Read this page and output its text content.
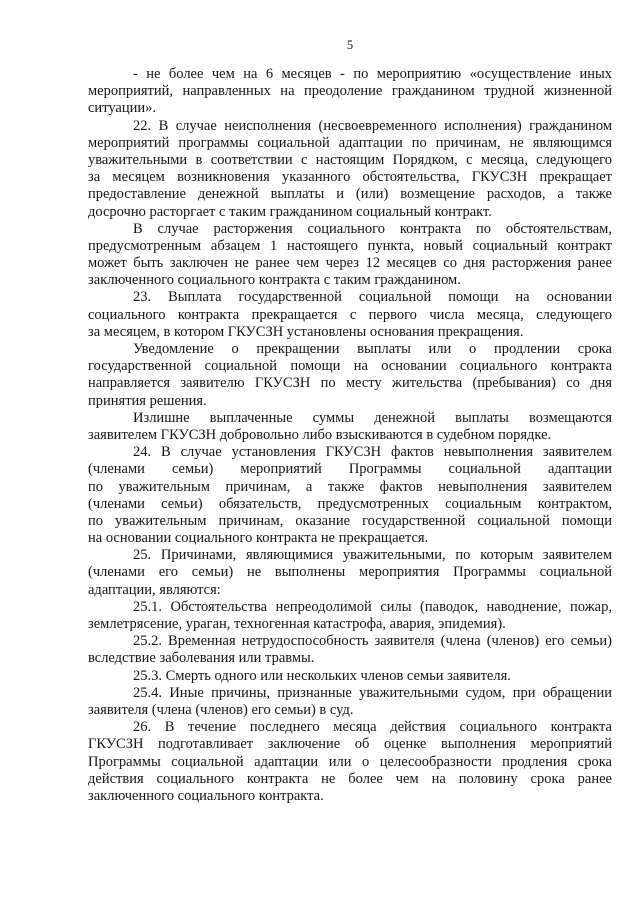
5
- не более чем на 6 месяцев - по мероприятию «осуществление иных
мероприятий, направленных на преодоление гражданином трудной жизненной
ситуации».
22. В случае неисполнения (несвоевременного исполнения) гражданином
мероприятий программы социальной адаптации по причинам, не являющимся
уважительными в соответствии с настоящим Порядком, с месяца, следующего
за месяцем возникновения указанного обстоятельства, ГКУСЗН прекращает
предоставление денежной выплаты и (или) возмещение расходов, а также
досрочно расторгает с таким гражданином социальный контракт.
В случае расторжения социального контракта по обстоятельствам,
предусмотренным абзацем 1 настоящего пункта, новый социальный контракт
может быть заключен не ранее чем через 12 месяцев со дня расторжения ранее
заключенного социального контракта с таким гражданином.
23. Выплата государственной социальной помощи на основании
социального контракта прекращается с первого числа месяца, следующего
за месяцем, в котором ГКУСЗН установлены основания прекращения.
Уведомление о прекращении выплаты или о продлении срока
государственной социальной помощи на основании социального контракта
направляется заявителю ГКУСЗН по месту жительства (пребывания) со дня
принятия решения.
Излишне выплаченные суммы денежной выплаты возмещаются
заявителем ГКУСЗН добровольно либо взыскиваются в судебном порядке.
24. В случае установления ГКУСЗН фактов невыполнения заявителем
(членами семьи) мероприятий Программы социальной адаптации
по уважительным причинам, а также фактов невыполнения заявителем
(членами семьи) обязательств, предусмотренных социальным контрактом,
по уважительным причинам, оказание государственной социальной помощи
на основании социального контракта не прекращается.
25. Причинами, являющимися уважительными, по которым заявителем
(членами его семьи) не выполнены мероприятия Программы социальной
адаптации, являются:
25.1. Обстоятельства непреодолимой силы (паводок, наводнение, пожар,
землетрясение, ураган, техногенная катастрофа, авария, эпидемия).
25.2. Временная нетрудоспособность заявителя (члена (членов) его семьи)
вследствие заболевания или травмы.
25.3. Смерть одного или нескольких членов семьи заявителя.
25.4. Иные причины, признанные уважительными судом, при обращении
заявителя (члена (членов) его семьи) в суд.
26. В течение последнего месяца действия социального контракта
ГКУСЗН подготавливает заключение об оценке выполнения мероприятий
Программы социальной адаптации или о целесообразности продления срока
действия социального контракта не более чем на половину срока ранее
заключенного социального контракта.
